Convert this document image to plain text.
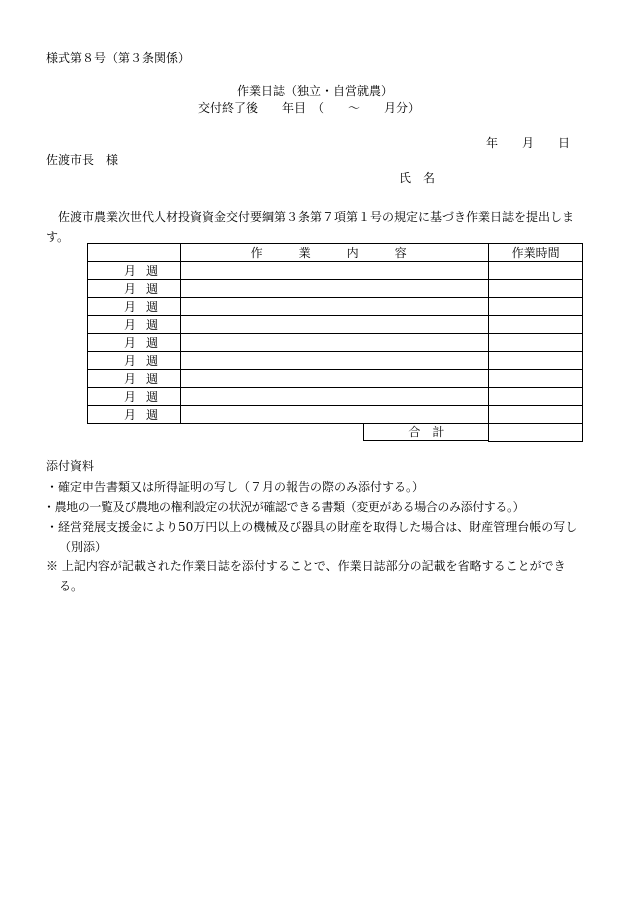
様式第８号（第３条関係）
作業日誌（独立・自営就農）
交付終了後　　年目　（　　～　　月分）
年　　月　　日
佐渡市長　様
氏　名
佐渡市農業次世代人材投資資金交付要綱第３条第７項第１号の規定に基づき作業日誌を提出します。
	作　業　内　容	作業時間
月 週		
月 週		
月 週		
月 週		
月 週		
月 週		
月 週		
月 週		
月 週		

	合　計	

添付資料
・確定申告書類又は所得証明の写し（７月の報告の際のみ添付する。）
・農地の一覧及び農地の権利設定の状況が確認できる書類（変更がある場合のみ添付する。）
・経営発展支援金により50万円以上の機械及び器具の財産を取得した場合は、財産管理台帳の写し（別添）
※ 上記内容が記載された作業日誌を添付することで、作業日誌部分の記載を省略することができる。
